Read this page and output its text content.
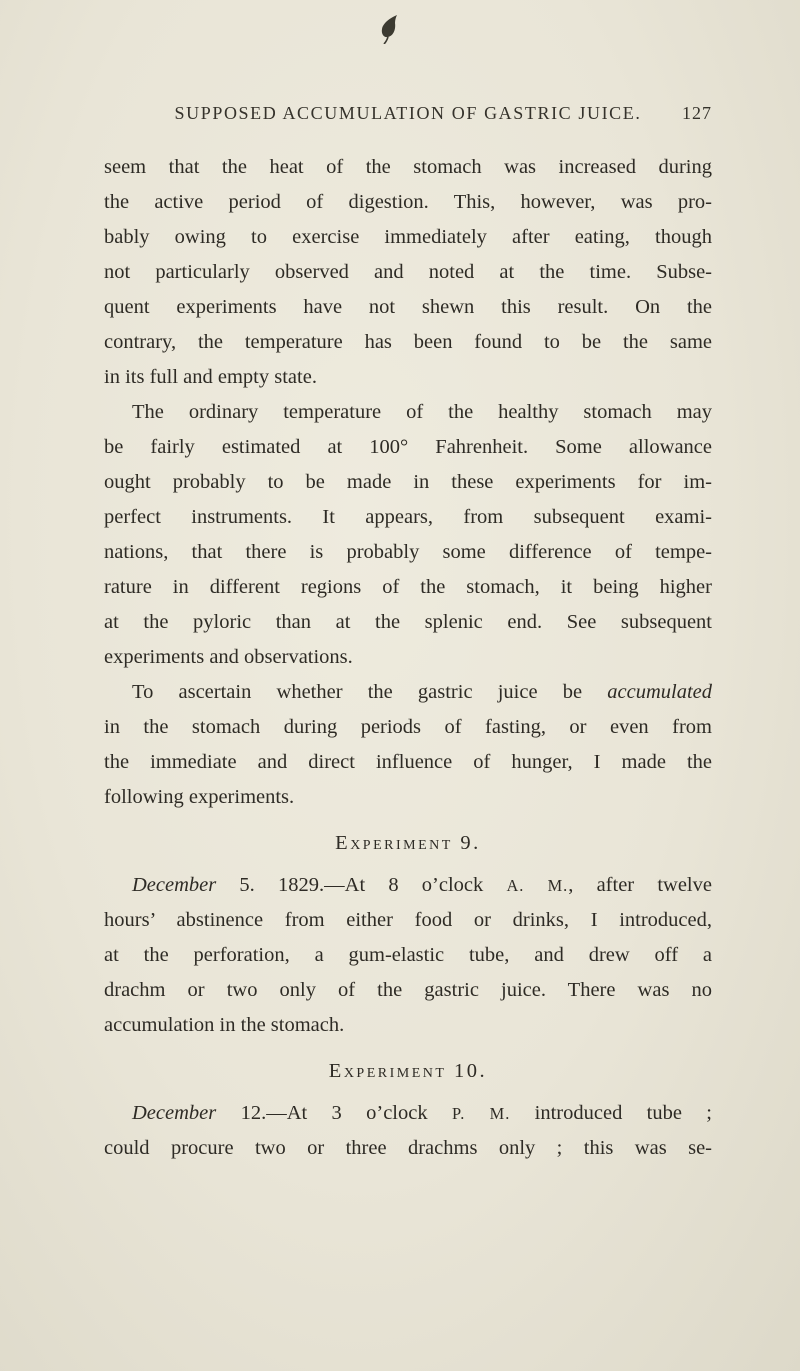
SUPPOSED ACCUMULATION OF GASTRIC JUICE.	127
seem that the heat of the stomach was increased during
the active period of digestion. This, however, was pro-
bably owing to exercise immediately after eating, though
not particularly observed and noted at the time. Subse-
quent experiments have not shewn this result. On the
contrary, the temperature has been found to be the same
in its full and empty state.
The ordinary temperature of the healthy stomach may
be fairly estimated at 100° Fahrenheit. Some allowance
ought probably to be made in these experiments for im-
perfect instruments. It appears, from subsequent exami-
nations, that there is probably some difference of tempe-
rature in different regions of the stomach, it being higher
at the pyloric than at the splenic end. See subsequent
experiments and observations.
To ascertain whether the gastric juice be accumulated
in the stomach during periods of fasting, or even from
the immediate and direct influence of hunger, I made the
following experiments.
Experiment 9.
December 5. 1829.—At 8 o’clock A. M., after twelve
hours’ abstinence from either food or drinks, I introduced,
at the perforation, a gum-elastic tube, and drew off a
drachm or two only of the gastric juice. There was no
accumulation in the stomach.
Experiment 10.
December 12.—At 3 o’clock P. M. introduced tube ;
could procure two or three drachms only ; this was se-
